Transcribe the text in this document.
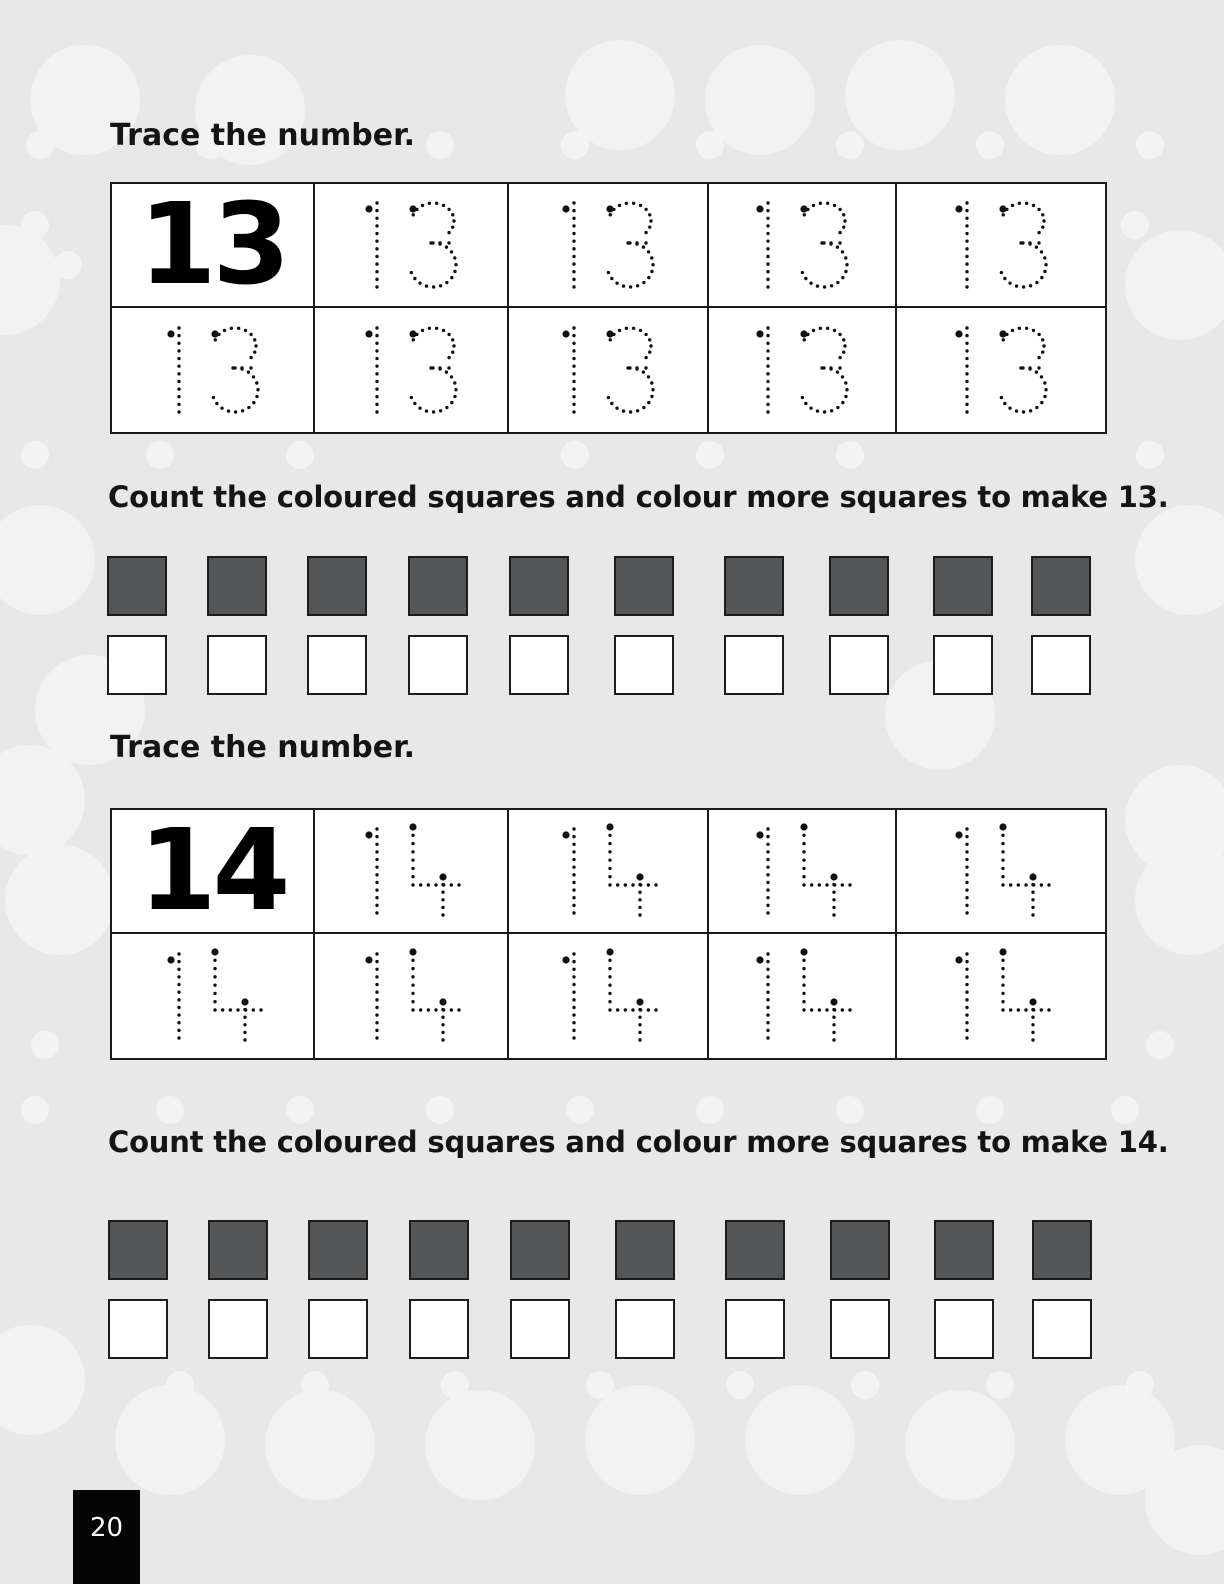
Trace the number.
13
Count the coloured squares and colour more squares to make 13.
Trace the number.
14
Count the coloured squares and colour more squares to make 14.
20
